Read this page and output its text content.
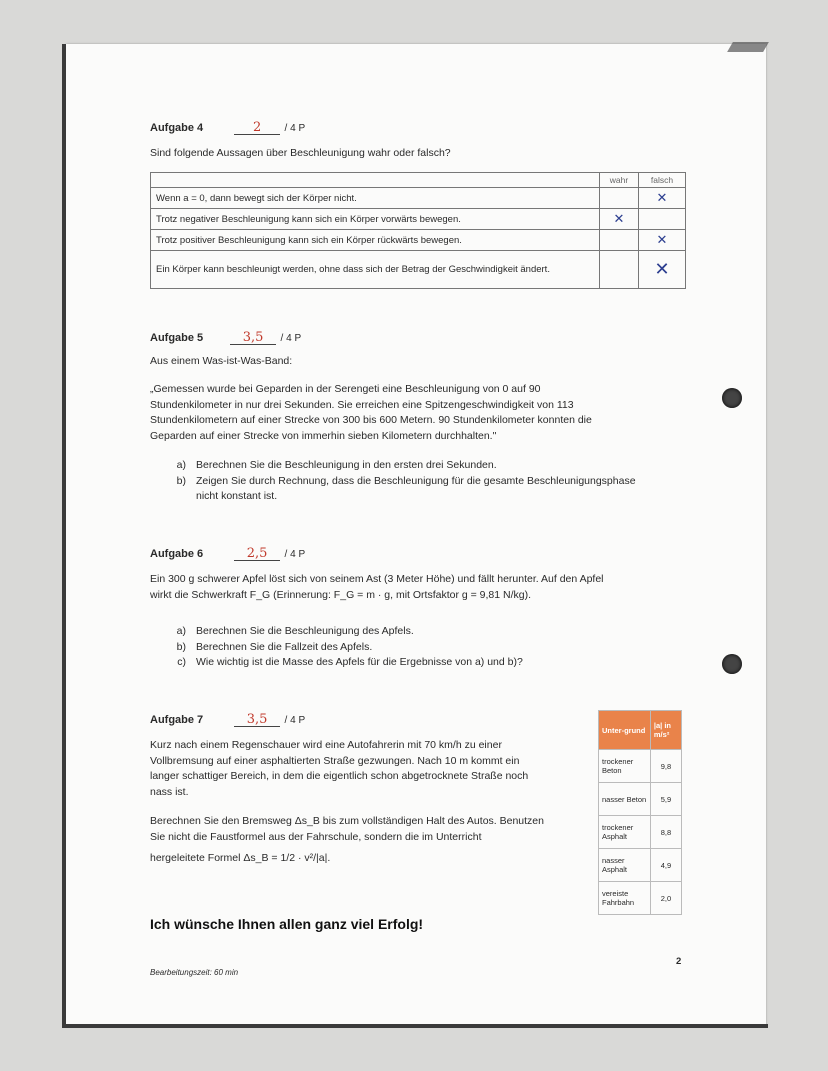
Aufgabe 4	2 / 4 P
Sind folgende Aussagen über Beschleunigung wahr oder falsch?
	wahr	falsch
Wenn a = 0, dann bewegt sich der Körper nicht.		✕
Trotz negativer Beschleunigung kann sich ein Körper vorwärts bewegen.	✕	
Trotz positiver Beschleunigung kann sich ein Körper rückwärts bewegen.		✕
Ein Körper kann beschleunigt werden, ohne dass sich der Betrag der Geschwindigkeit ändert.		✕
Aufgabe 5	3,5 / 4 P
Aus einem Was-ist-Was-Band:
„Gemessen wurde bei Geparden in der Serengeti eine Beschleunigung von 0 auf 90
Stundenkilometer in nur drei Sekunden. Sie erreichen eine Spitzengeschwindigkeit von 113
Stundenkilometern auf einer Strecke von 300 bis 600 Metern. 90 Stundenkilometer konnten die
Geparden auf einer Strecke von immerhin sieben Kilometern durchhalten."
a) Berechnen Sie die Beschleunigung in den ersten drei Sekunden.
b) Zeigen Sie durch Rechnung, dass die Beschleunigung für die gesamte Beschleunigungsphase
nicht konstant ist.
Aufgabe 6	2,5 / 4 P
Ein 300 g schwerer Apfel löst sich von seinem Ast (3 Meter Höhe) und fällt herunter. Auf den Apfel
wirkt die Schwerkraft F_G (Erinnerung: F_G = m · g, mit Ortsfaktor g = 9,81 N/kg).
a) Berechnen Sie die Beschleunigung des Apfels.
b) Berechnen Sie die Fallzeit des Apfels.
c) Wie wichtig ist die Masse des Apfels für die Ergebnisse von a) und b)?
Aufgabe 7	3,5 / 4 P
Kurz nach einem Regenschauer wird eine Autofahrerin mit 70 km/h zu einer
Vollbremsung auf einer asphaltierten Straße gezwungen. Nach 10 m kommt ein
langer schattiger Bereich, in dem die eigentlich schon abgetrocknete Straße noch
nass ist.
Berechnen Sie den Bremsweg Δs_B bis zum vollständigen Halt des Autos. Benutzen
Sie nicht die Faustformel aus der Fahrschule, sondern die im Unterricht
hergeleitete Formel Δs_B = 1/2 · v²/|a|.
Unter-grund	|a| in m/s²
trockener Beton	9,8
nasser Beton	5,9
trockener Asphalt	8,8
nasser Asphalt	4,9
vereiste Fahrbahn	2,0
Ich wünsche Ihnen allen ganz viel Erfolg!
2
Bearbeitungszeit: 60 min
